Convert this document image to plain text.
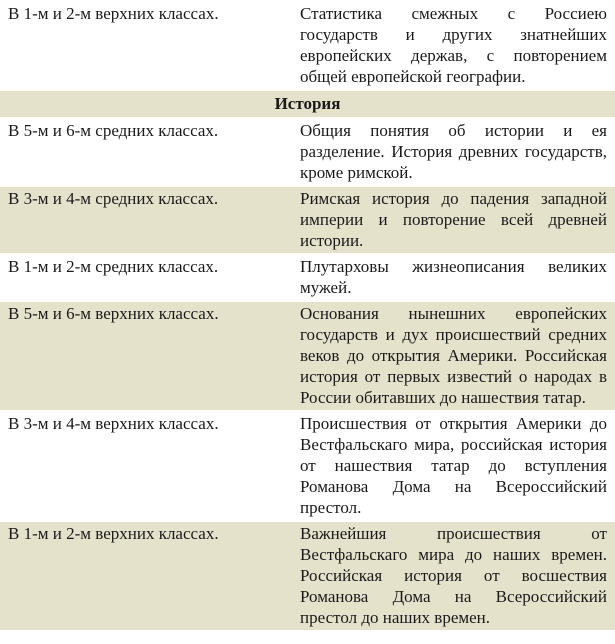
В 1-м и 2-м верхних классах.	Статистика смежных с Россиею государств и других знатнейших европейских держав, с повторением общей европейской географии.
История	
В 5-м и 6-м средних классах.	Общия понятия об истории и ея разделение. История древних государств, кроме римской.
В 3-м и 4-м средних классах.	Римская история до падения западной империи и повторение всей древней истории.
В 1-м и 2-м средних классах.	Плутарховы жизнеописания великих мужей.
В 5-м и 6-м верхних классах.	Основания нынешних европейских государств и дух происшествий средних веков до открытия Америки. Российская история от первых известий о народах в России обитавших до нашествия татар.
В 3-м и 4-м верхних классах.	Происшествия от открытия Америки до Вестфальскаго мира, российская история от нашествия татар до вступления Романова Дома на Всероссийский престол.
В 1-м и 2-м верхних классах.	Важнейшия происшествия от Вестфальскаго мира до наших времен. Российская история от восшествия Романова Дома на Всероссийский престол до наших времен.
